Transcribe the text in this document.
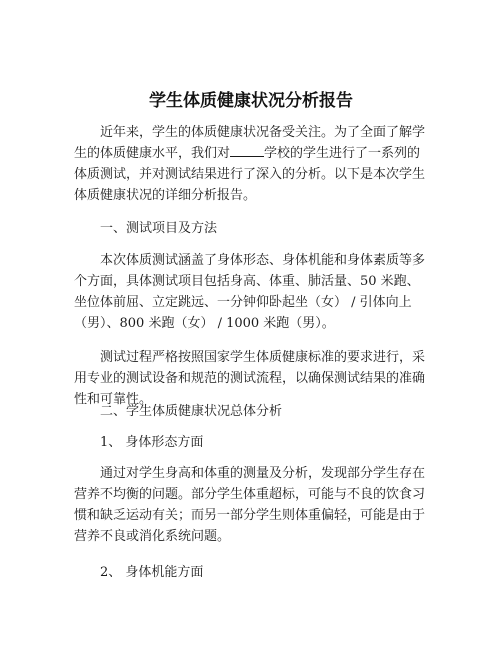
学生体质健康状况分析报告

近年来，学生的体质健康状况备受关注。为了全面了解学生的体质健康水平，我们对	学校的学生进行了一系列的体质测试，并对测试结果进行了深入的分析。以下是本次学生体质健康状况的详细分析报告。

一、测试项目及方法

本次体质测试涵盖了身体形态、身体机能和身体素质等多个方面，具体测试项目包括身高、体重、肺活量、50 米跑、坐位体前屈、立定跳远、一分钟仰卧起坐（女） / 引体向上（男）、800 米跑（女） / 1000 米跑（男）。

测试过程严格按照国家学生体质健康标准的要求进行，采用专业的测试设备和规范的测试流程，以确保测试结果的准确性和可靠性。

二、学生体质健康状况总体分析

1、 身体形态方面

通过对学生身高和体重的测量及分析，发现部分学生存在营养不均衡的问题。部分学生体重超标，可能与不良的饮食习惯和缺乏运动有关；而另一部分学生则体重偏轻，可能是由于营养不良或消化系统问题。

2、 身体机能方面
